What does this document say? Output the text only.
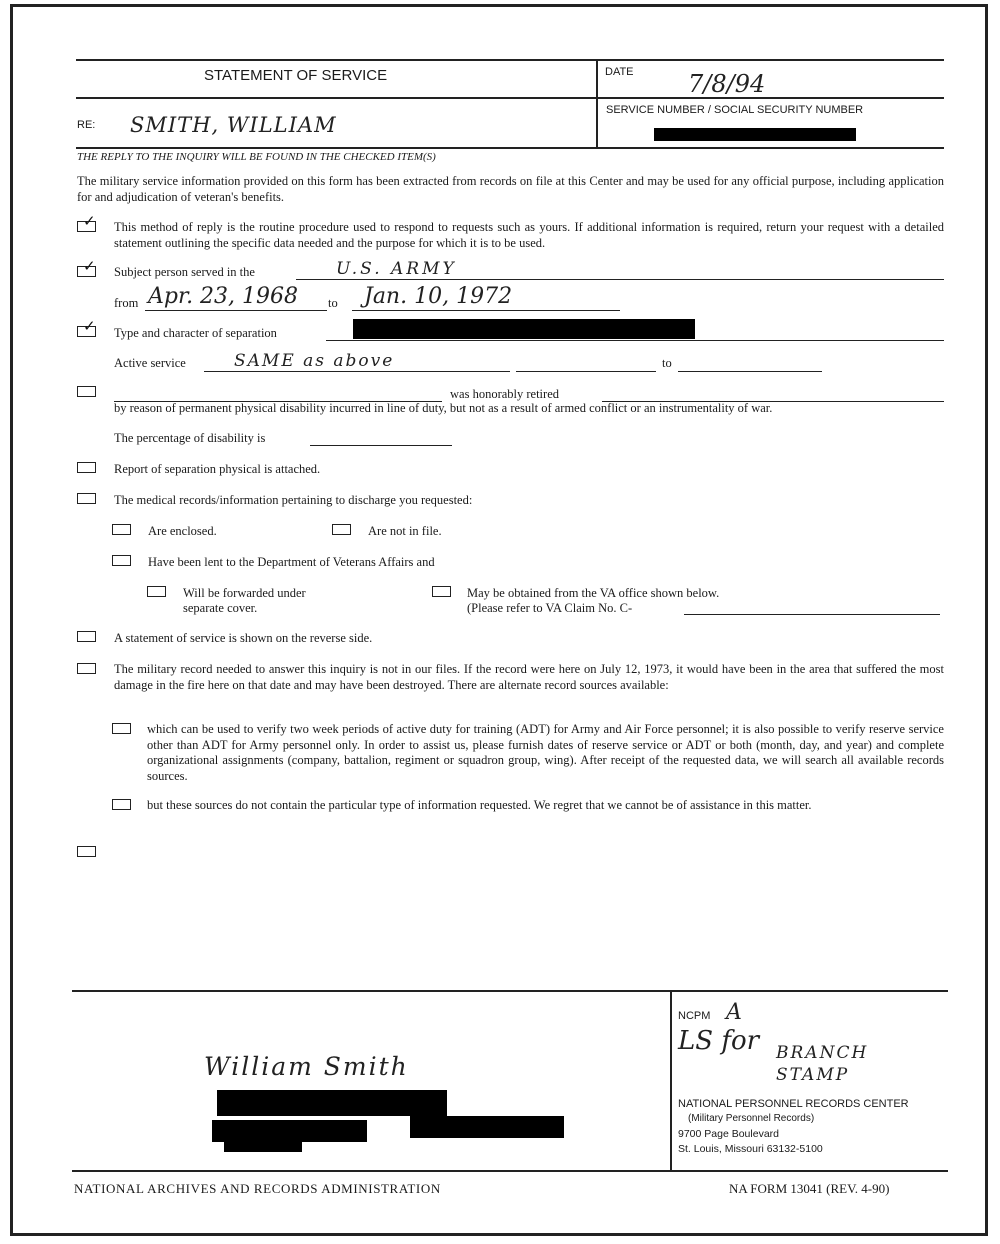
STATEMENT OF SERVICE	DATE 7/8/94
SERVICE NUMBER / SOCIAL SECURITY NUMBER
RE: SMITH, WILLIAM
THE REPLY TO THE INQUIRY WILL BE FOUND IN THE CHECKED ITEM(S)
The military service information provided on this form has been extracted from records on file at this Center and may be used for any official purpose, including application for and adjudication of veteran's benefits.
✓ This method of reply is the routine procedure used to respond to requests such as yours. If additional information is required, return your request with a detailed statement outlining the specific data needed and the purpose for which it is to be used.
✓ Subject person served in the	U.S. ARMY
from Apr. 23, 1968 to Jan. 10, 1972
✓ Type and character of separation
Active service	SAME as above	to
was honorably retired
by reason of permanent physical disability incurred in line of duty, but not as a result of armed conflict or an instrumentality of war.
The percentage of disability is
Report of separation physical is attached.
The medical records/information pertaining to discharge you requested:
Are enclosed.	Are not in file.
Have been lent to the Department of Veterans Affairs and
Will be forwarded under
separate cover.
May be obtained from the VA office shown below.
(Please refer to VA Claim No. C-
A statement of service is shown on the reverse side.
The military record needed to answer this inquiry is not in our files. If the record were here on July 12, 1973, it would have been in the area that suffered the most damage in the fire here on that date and may have been destroyed. There are alternate record sources available:
which can be used to verify two week periods of active duty for training (ADT) for Army and Air Force personnel; it is also possible to verify reserve service other than ADT for Army personnel only. In order to assist us, please furnish dates of reserve service or ADT or both (month, day, and year) and complete organizational assignments (company, battalion, regiment or squadron group, wing). After receipt of the requested data, we will search all available records sources.
but these sources do not contain the particular type of information requested. We regret that we cannot be of assistance in this matter.
William Smith
NCPM A
LS for BRANCH STAMP
NATIONAL PERSONNEL RECORDS CENTER
(Military Personnel Records)
9700 Page Boulevard
St. Louis, Missouri 63132-5100
NATIONAL ARCHIVES AND RECORDS ADMINISTRATION	NA FORM 13041 (REV. 4-90)
